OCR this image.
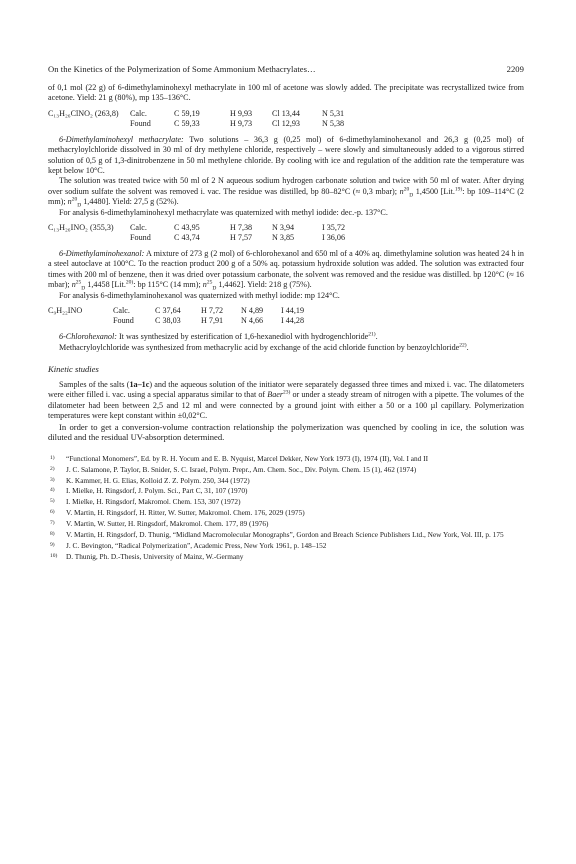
On the Kinetics of the Polymerization of Some Ammonium Methacrylates…	2209

of 0,1 mol (22 g) of 6-dimethylaminohexyl methacrylate in 100 ml of acetone was slowly added. The precipitate was recrystallized twice from acetone. Yield: 21 g (80%), mp 135–136°C.

C₁₃H₂₆ClNO₂ (263,8)	Calc.	C 59,19	H 9,93	Cl 13,44	N 5,31
Found	C 59,33	H 9,73	Cl 12,93	N 5,38

6-Dimethylaminohexyl methacrylate: Two solutions – 36,3 g (0,25 mol) of 6-dimethylaminohexanol and 26,3 g (0,25 mol) of methacryloylchloride dissolved in 30 ml of dry methylene chloride, respectively – were slowly and simultaneously added to a vigorous stirred solution of 0,5 g of 1,3-dinitrobenzene in 50 ml methylene chloride. By cooling with ice and regulation of the addition rate the temperature was kept below 10°C.

The solution was treated twice with 50 ml of 2 N aqueous sodium hydrogen carbonate solution and twice with 50 ml of water. After drying over sodium sulfate the solvent was removed i. vac. The residue was distilled, bp 80–82°C (≈ 0,3 mbar); $n^{20}_D$ 1,4500 [Lit.$^{19)}$: bp 109–114°C (2 mm); $n^{20}_D$ 1,4480]. Yield: 27,5 g (52%).

For analysis 6-dimethylaminohexyl methacrylate was quaternized with methyl iodide: dec.-p. 137°C.

C₁₃H₂₆INO₂ (355,3)	Calc.	C 43,95	H 7,38	N 3,94	I 35,72
Found	C 43,74	H 7,57	N 3,85	I 36,06

6-Dimethylaminohexanol: A mixture of 273 g (2 mol) of 6-chlorohexanol and 650 ml of a 40% aq. dimethylamine solution was heated 24 h in a steel autoclave at 100°C. To the reaction product 200 g of a 50% aq. potassium hydroxide solution was added. The solution was extracted four times with 200 ml of benzene, then it was dried over potassium carbonate, the solvent was removed and the residue was distilled. bp 120°C (≈ 16 mbar); $n^{25}_D$ 1,4458 [Lit.$^{20)}$: bp 115°C (14 mm); $n^{25}_D$ 1,4462]. Yield: 218 g (75%).

For analysis 6-dimethylaminohexanol was quaternized with methyl iodide: mp 124°C.

C₉H₂₂INO	Calc.	C 37,64	H 7,72	N 4,89	I 44,19
Found	C 38,03	H 7,91	N 4,66	I 44,28

6-Chlorohexanol: It was synthesized by esterification of 1,6-hexanediol with hydrogenchloride$^{21)}$.

Methacryloylchloride was synthesized from methacrylic acid by exchange of the acid chloride function by benzoylchloride$^{22)}$.

Kinetic studies

Samples of the salts (1a–1c) and the aqueous solution of the initiator were separately degassed three times and mixed i. vac. The dilatometers were either filled i. vac. using a special apparatus similar to that of Baer$^{23)}$ or under a steady stream of nitrogen with a pipette. The volumes of the dilatometer had been between 2,5 and 12 ml and were connected by a ground joint with either a 50 or a 100 µl capillary. Polymerization temperatures were kept constant within ±0,02°C.

In order to get a conversion-volume contraction relationship the polymerization was quenched by cooling in ice, the solution was diluted and the residual UV-absorption determined.

$^{1)}$	“Functional Monomers”, Ed. by R. H. Yocum and E. B. Nyquist, Marcel Dekker, New York 1973 (I), 1974 (II), Vol. I and II
$^{2)}$	J. C. Salamone, P. Taylor, B. Snider, S. C. Israel, Polym. Prepr., Am. Chem. Soc., Div. Polym. Chem. 15 (1), 462 (1974)
$^{3)}$	K. Kammer, H. G. Elias, Kolloid Z. Z. Polym. 250, 344 (1972)
$^{4)}$	I. Mielke, H. Ringsdorf, J. Polym. Sci., Part C, 31, 107 (1970)
$^{5)}$	I. Mielke, H. Ringsdorf, Makromol. Chem. 153, 307 (1972)
$^{6)}$	V. Martin, H. Ringsdorf, H. Ritter, W. Sutter, Makromol. Chem. 176, 2029 (1975)
$^{7)}$	V. Martin, W. Sutter, H. Ringsdorf, Makromol. Chem. 177, 89 (1976)
$^{8)}$	V. Martin, H. Ringsdorf, D. Thunig, “Midland Macromolecular Monographs”, Gordon and Breach Science Publishers Ltd., New York, Vol. III, p. 175
$^{9)}$	J. C. Bevington, “Radical Polymerization”, Academic Press, New York 1961, p. 148–152
$^{10)}$	D. Thunig, Ph. D.-Thesis, University of Mainz, W.-Germany
